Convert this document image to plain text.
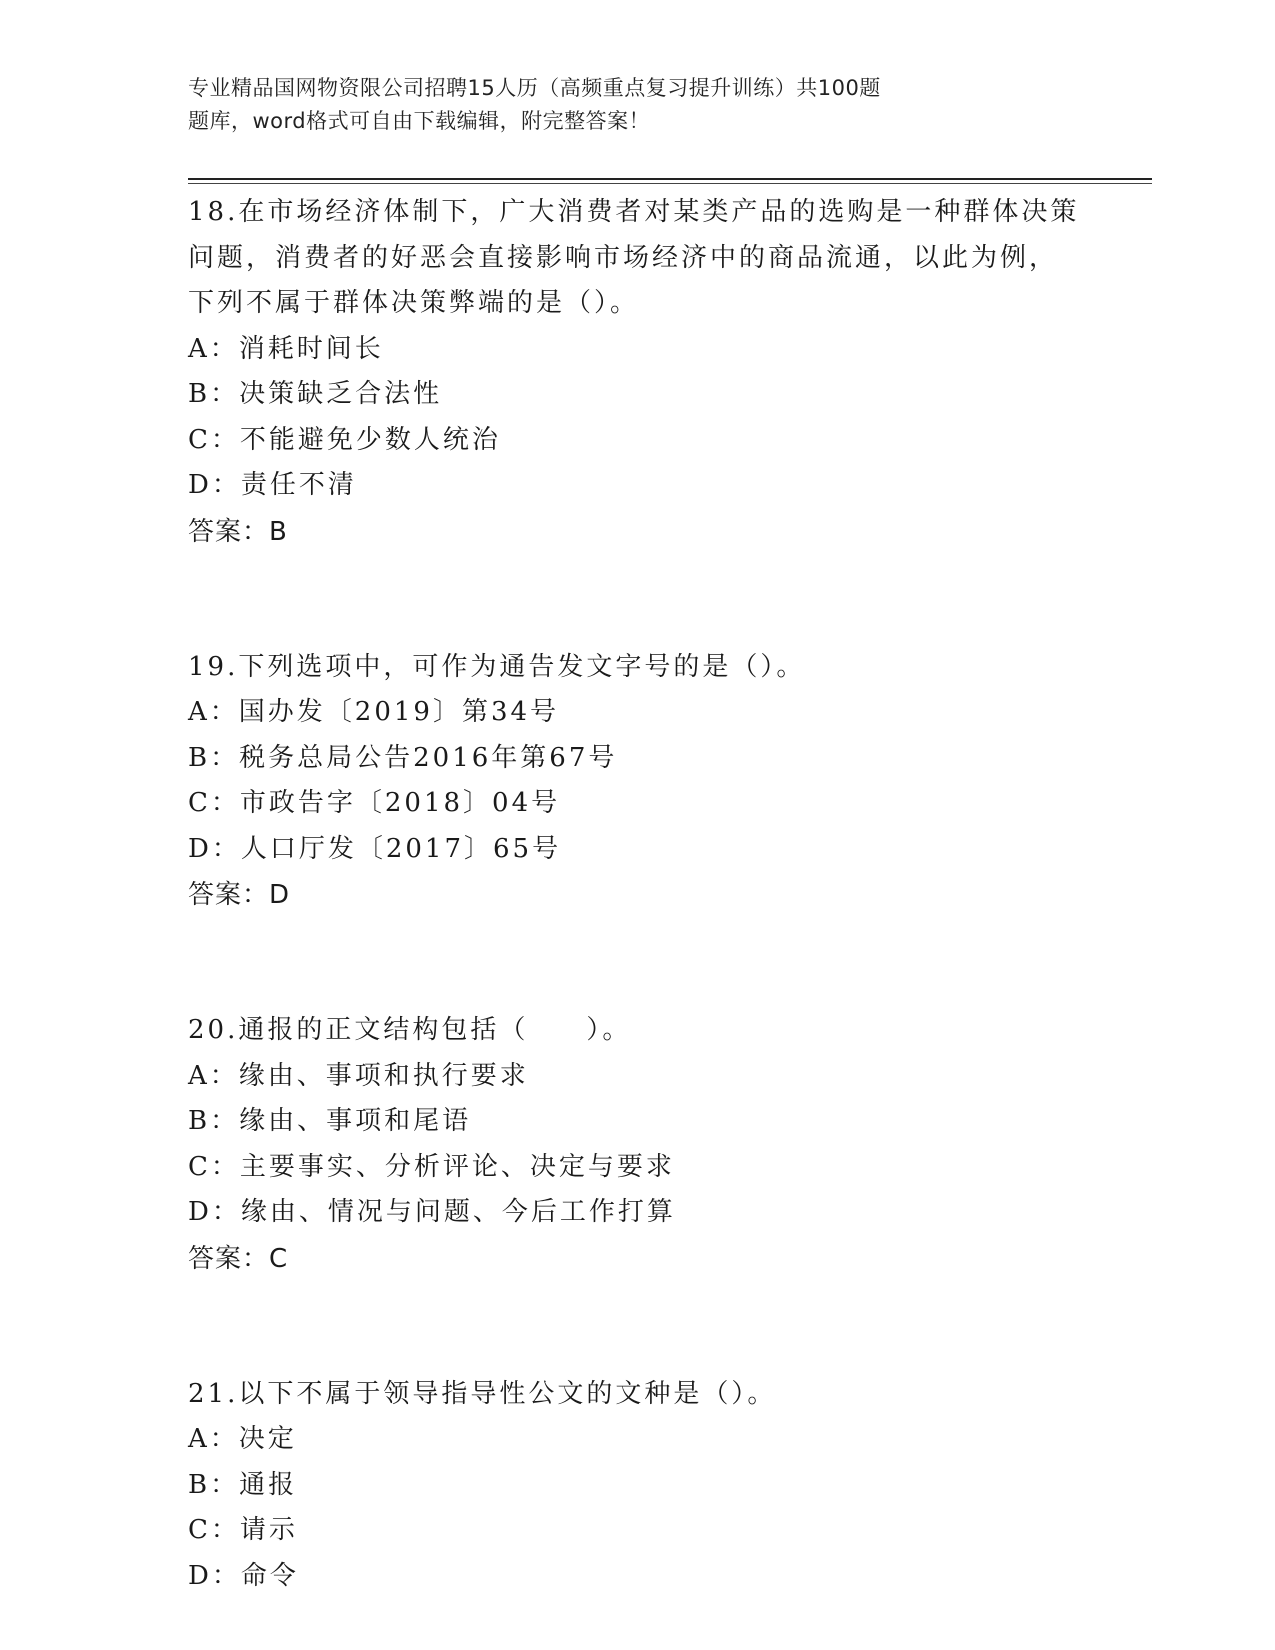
专业精品国网物资限公司招聘15人历（高频重点复习提升训练）共100题

题库，word格式可自由下载编辑，附完整答案！

18.在市场经济体制下，广大消费者对某类产品的选购是一种群体决策
问题，消费者的好恶会直接影响市场经济中的商品流通，以此为例，
下列不属于群体决策弊端的是（）。

A：消耗时间长

B：决策缺乏合法性

C：不能避免少数人统治

D：责任不清

答案：B

19.下列选项中，可作为通告发文字号的是（）。

A：国办发〔2019〕第34号

B：税务总局公告2016年第67号

C：市政告字〔2018〕04号

D：人口厅发〔2017〕65号

答案：D

20.通报的正文结构包括（　　）。

A：缘由、事项和执行要求

B：缘由、事项和尾语

C：主要事实、分析评论、决定与要求

D：缘由、情况与问题、今后工作打算

答案：C

21.以下不属于领导指导性公文的文种是（）。

A：决定

B：通报

C：请示

D：命令
